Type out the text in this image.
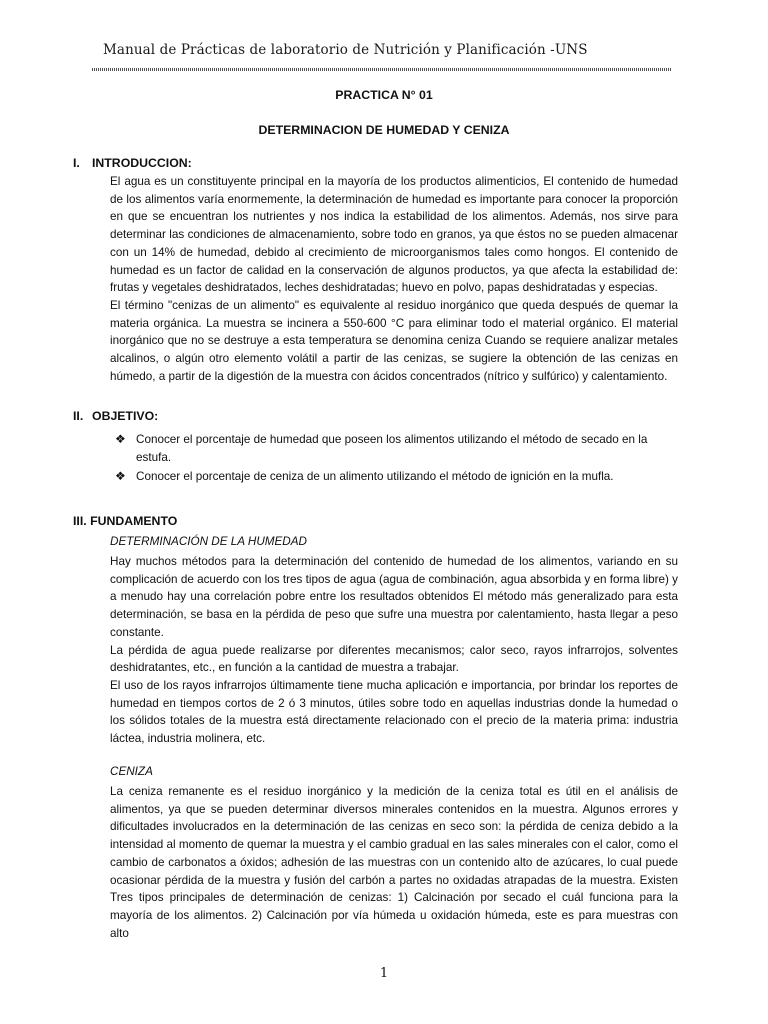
Manual de Prácticas de laboratorio de Nutrición y Planificación -UNS
PRACTICA N° 01
DETERMINACION DE HUMEDAD Y CENIZA
I. INTRODUCCION:

El agua es un constituyente principal en la mayoría de los productos alimenticios, El contenido de humedad de los alimentos varía enormemente, la determinación de humedad es importante para conocer la proporción en que se encuentran los nutrientes y nos indica la estabilidad de los alimentos. Además, nos sirve para determinar las condiciones de almacenamiento, sobre todo en granos, ya que éstos no se pueden almacenar con un 14% de humedad, debido al crecimiento de microorganismos tales como hongos. El contenido de humedad es un factor de calidad en la conservación de algunos productos, ya que afecta la estabilidad de: frutas y vegetales deshidratados, leches deshidratadas; huevo en polvo, papas deshidratadas y especias.

El término "cenizas de un alimento" es equivalente al residuo inorgánico que queda después de quemar la materia orgánica. La muestra se incinera a 550-600 °C para eliminar todo el material orgánico. El material inorgánico que no se destruye a esta temperatura se denomina ceniza Cuando se requiere analizar metales alcalinos, o algún otro elemento volátil a partir de las cenizas, se sugiere la obtención de las cenizas en húmedo, a partir de la digestión de la muestra con ácidos concentrados (nítrico y sulfúrico) y calentamiento.

II. OBJETIVO:
❖ Conocer el porcentaje de humedad que poseen los alimentos utilizando el método de secado en la estufa.
❖ Conocer el porcentaje de ceniza de un alimento utilizando el método de ignición en la mufla.
III. FUNDAMENTO
DETERMINACIÓN DE LA HUMEDAD

Hay muchos métodos para la determinación del contenido de humedad de los alimentos, variando en su complicación de acuerdo con los tres tipos de agua (agua de combinación, agua absorbida y en forma libre) y a menudo hay una correlación pobre entre los resultados obtenidos El método más generalizado para esta determinación, se basa en la pérdida de peso que sufre una muestra por calentamiento, hasta llegar a peso constante.

La pérdida de agua puede realizarse por diferentes mecanismos; calor seco, rayos infrarrojos, solventes deshidratantes, etc., en función a la cantidad de muestra a trabajar.

El uso de los rayos infrarrojos últimamente tiene mucha aplicación e importancia, por brindar los reportes de humedad en tiempos cortos de 2 ó 3 minutos, útiles sobre todo en aquellas industrias donde la humedad o los sólidos totales de la muestra está directamente relacionado con el precio de la materia prima: industria láctea, industria molinera, etc.

CENIZA

La ceniza remanente es el residuo inorgánico y la medición de la ceniza total es útil en el análisis de alimentos, ya que se pueden determinar diversos minerales contenidos en la muestra. Algunos errores y dificultades involucrados en la determinación de las cenizas en seco son: la pérdida de ceniza debido a la intensidad al momento de quemar la muestra y el cambio gradual en las sales minerales con el calor, como el cambio de carbonatos a óxidos; adhesión de las muestras con un contenido alto de azúcares, lo cual puede ocasionar pérdida de la muestra y fusión del carbón a partes no oxidadas atrapadas de la muestra. Existen Tres tipos principales de determinación de cenizas: 1) Calcinación por secado el cuál funciona para la mayoría de los alimentos. 2) Calcinación por vía húmeda u oxidación húmeda, este es para muestras con alto

1
